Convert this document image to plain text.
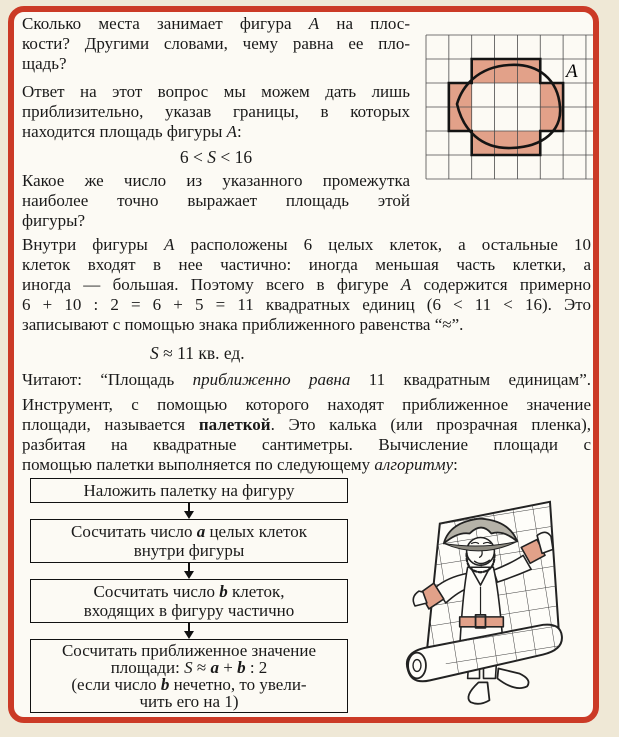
Сколько места занимает фигура A на плос-
кости? Другими словами, чему равна ее пло-
щадь?
Ответ на этот вопрос мы можем дать лишь
приблизительно, указав границы, в которых
находится площадь фигуры A:
6 < S < 16
Какое же число из указанного промежутка
наиболее точно выражает площадь этой
фигуры?
A
Внутри фигуры A расположены 6 целых клеток, а остальные 10
клеток входят в нее частично: иногда меньшая часть клетки, а
иногда — большая. Поэтому всего в фигуре A содержится примерно
6 + 10 : 2 = 6 + 5 = 11 квадратных единиц (6 < 11 < 16). Это
записывают с помощью знака приближенного равенства “≈”.
S ≈ 11 кв. ед.
Читают: “Площадь приближенно равна 11 квадратным единицам”.
Инструмент, с помощью которого находят приближенное значение
площади, называется палеткой. Это калька (или прозрачная пленка),
разбитая на квадратные сантиметры. Вычисление площади с
помощью палетки выполняется по следующему алгоритму:
Наложить палетку на фигуру
Сосчитать число a целых клеток
внутри фигуры
Сосчитать число b клеток,
входящих в фигуру частично
Сосчитать приближенное значение
площади: S ≈ a + b : 2
(если число b нечетно, то увели-
чить его на 1)
